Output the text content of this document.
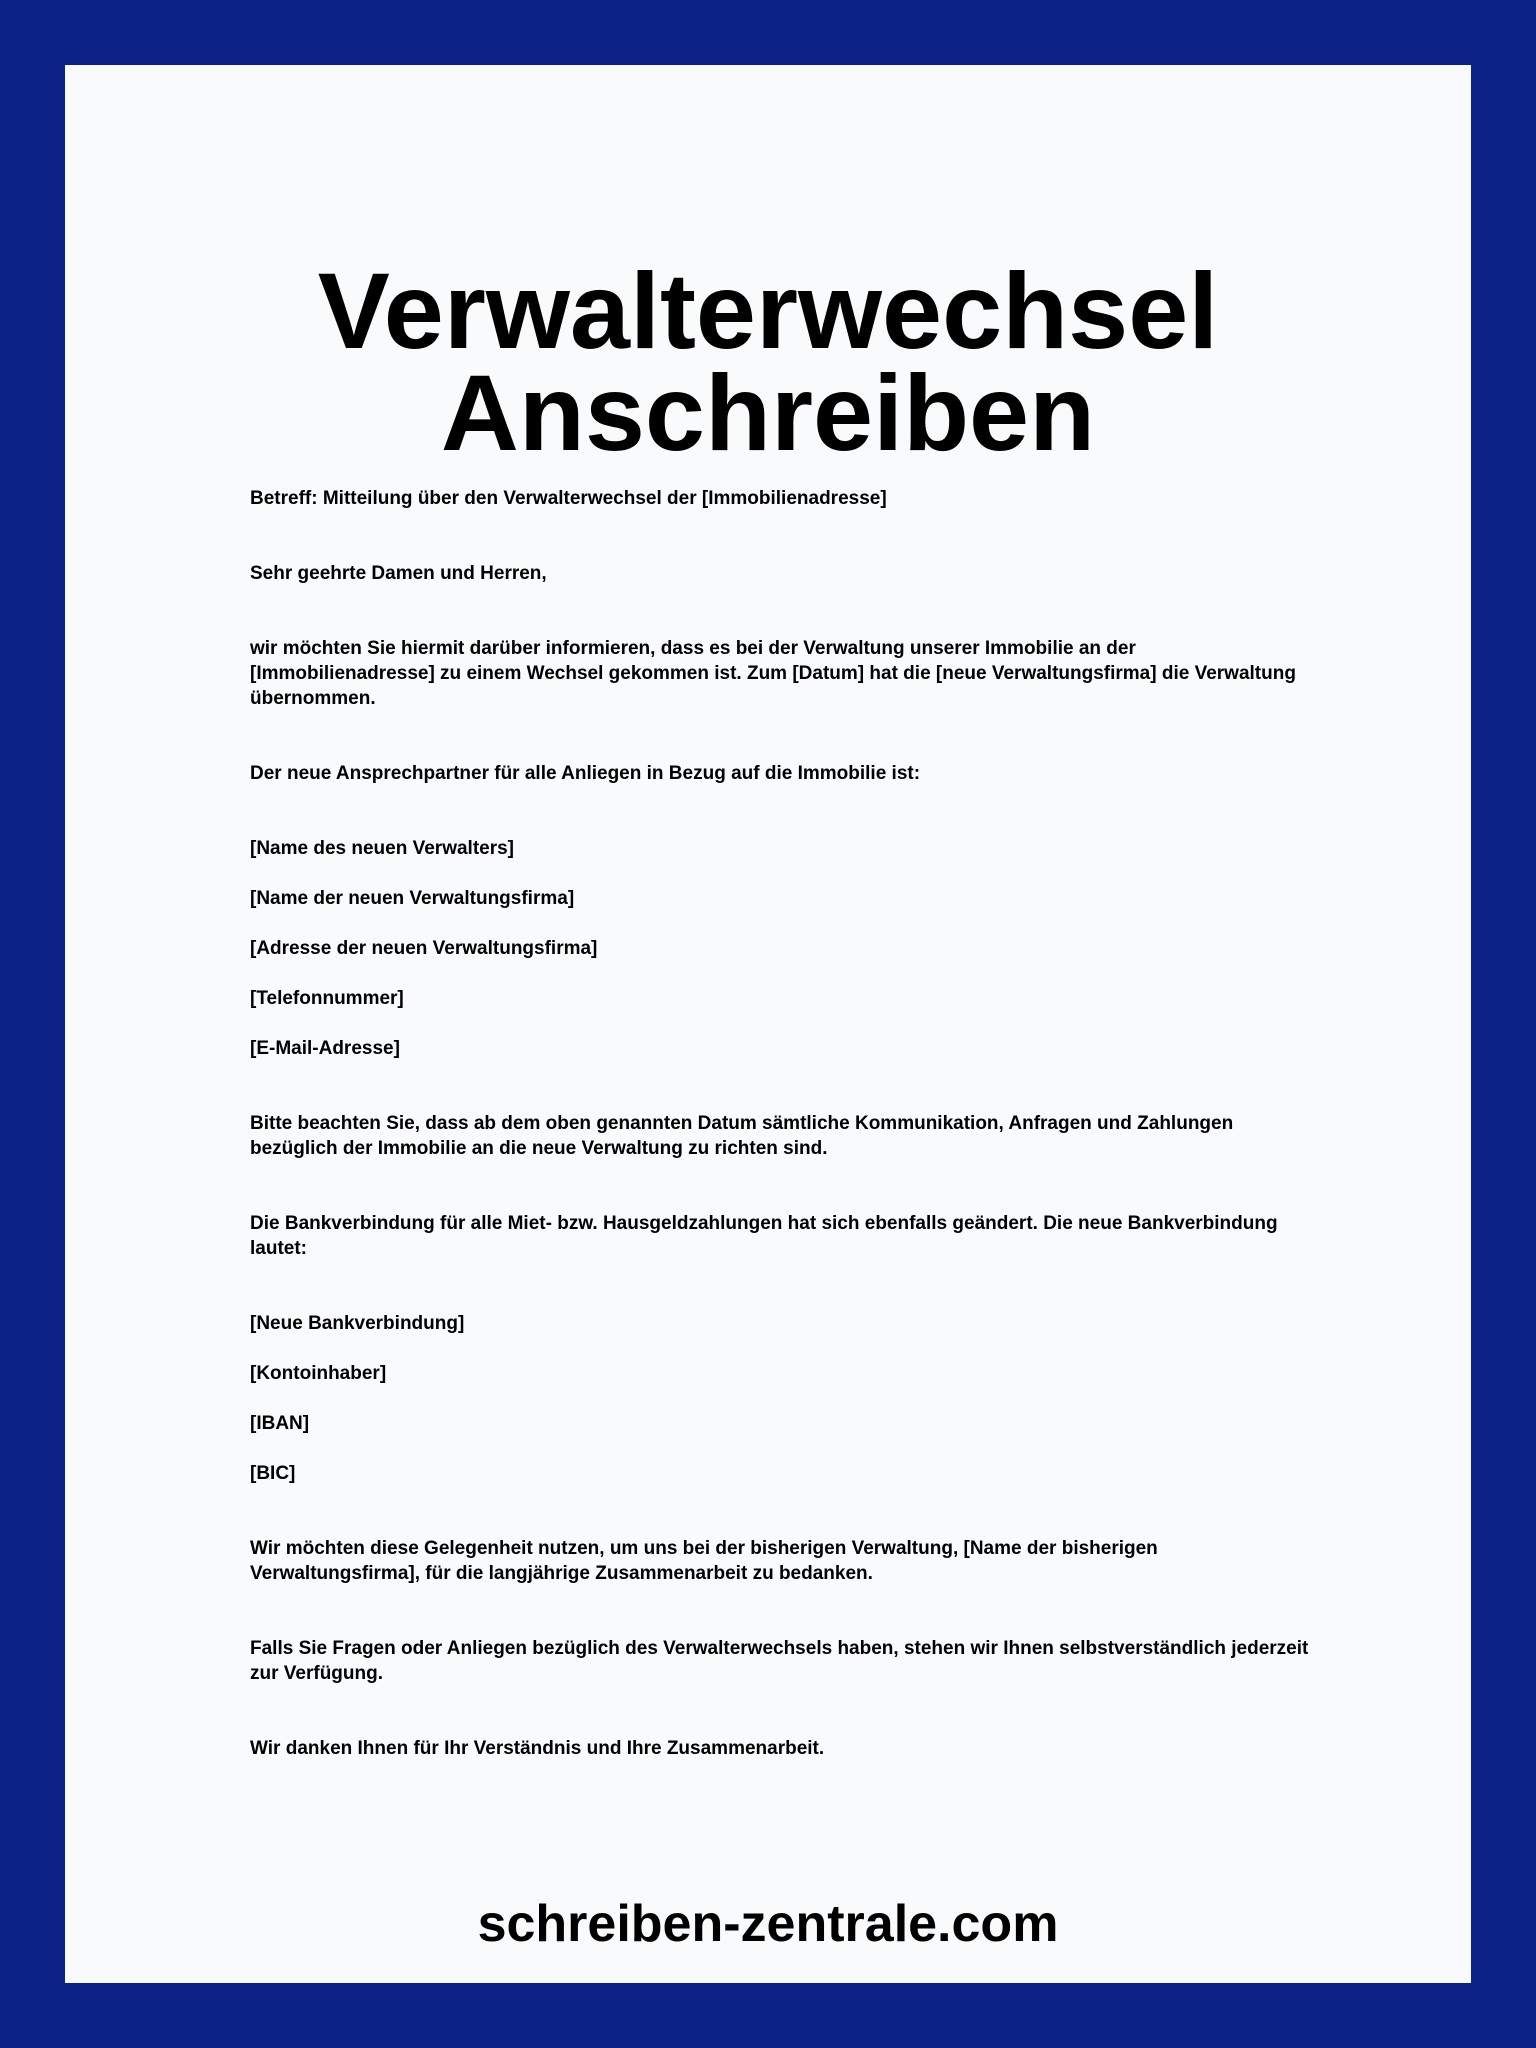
Verwalterwechsel
Anschreiben

Betreff: Mitteilung über den Verwalterwechsel der [Immobilienadresse]

Sehr geehrte Damen und Herren,

wir möchten Sie hiermit darüber informieren, dass es bei der Verwaltung unserer Immobilie an der [Immobilienadresse] zu einem Wechsel gekommen ist. Zum [Datum] hat die [neue Verwaltungsfirma] die Verwaltung übernommen.

Der neue Ansprechpartner für alle Anliegen in Bezug auf die Immobilie ist:

[Name des neuen Verwalters]

[Name der neuen Verwaltungsfirma]

[Adresse der neuen Verwaltungsfirma]

[Telefonnummer]

[E-Mail-Adresse]

Bitte beachten Sie, dass ab dem oben genannten Datum sämtliche Kommunikation, Anfragen und Zahlungen bezüglich der Immobilie an die neue Verwaltung zu richten sind.

Die Bankverbindung für alle Miet- bzw. Hausgeldzahlungen hat sich ebenfalls geändert. Die neue Bankverbindung lautet:

[Neue Bankverbindung]

[Kontoinhaber]

[IBAN]

[BIC]

Wir möchten diese Gelegenheit nutzen, um uns bei der bisherigen Verwaltung, [Name der bisherigen Verwaltungsfirma], für die langjährige Zusammenarbeit zu bedanken.

Falls Sie Fragen oder Anliegen bezüglich des Verwalterwechsels haben, stehen wir Ihnen selbstverständlich jederzeit zur Verfügung.

Wir danken Ihnen für Ihr Verständnis und Ihre Zusammenarbeit.

schreiben-zentrale.com
